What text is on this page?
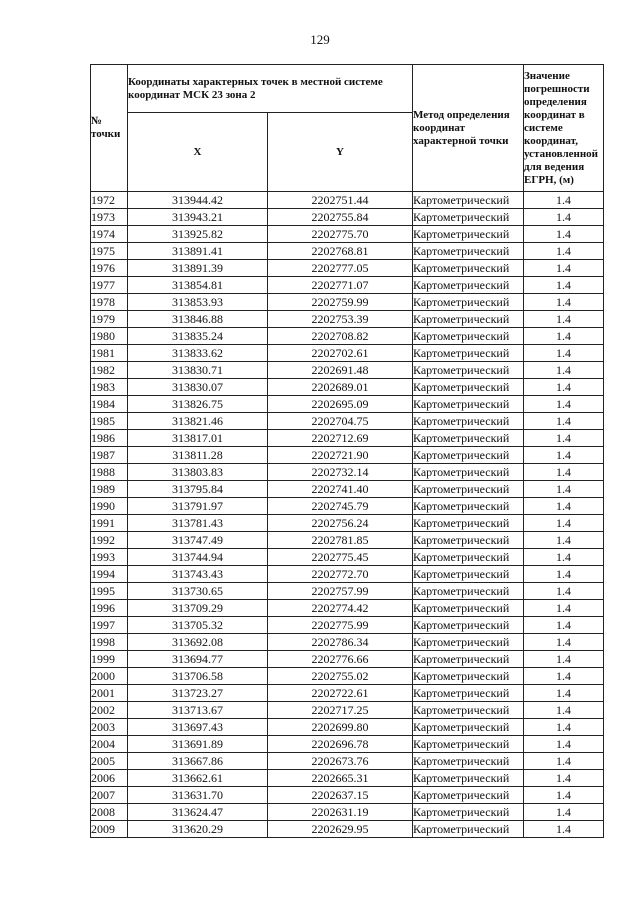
129
№ точки	Координаты характерных точек в местной системе координат МСК 23 зона 2		Метод определения координат характерной точки	Значение погрешности определения координат в системе координат, установленной для ведения ЕГРН, (м)
	X	Y		
1972	313944.42	2202751.44	Картометрический	1.4
1973	313943.21	2202755.84	Картометрический	1.4
1974	313925.82	2202775.70	Картометрический	1.4
1975	313891.41	2202768.81	Картометрический	1.4
1976	313891.39	2202777.05	Картометрический	1.4
1977	313854.81	2202771.07	Картометрический	1.4
1978	313853.93	2202759.99	Картометрический	1.4
1979	313846.88	2202753.39	Картометрический	1.4
1980	313835.24	2202708.82	Картометрический	1.4
1981	313833.62	2202702.61	Картометрический	1.4
1982	313830.71	2202691.48	Картометрический	1.4
1983	313830.07	2202689.01	Картометрический	1.4
1984	313826.75	2202695.09	Картометрический	1.4
1985	313821.46	2202704.75	Картометрический	1.4
1986	313817.01	2202712.69	Картометрический	1.4
1987	313811.28	2202721.90	Картометрический	1.4
1988	313803.83	2202732.14	Картометрический	1.4
1989	313795.84	2202741.40	Картометрический	1.4
1990	313791.97	2202745.79	Картометрический	1.4
1991	313781.43	2202756.24	Картометрический	1.4
1992	313747.49	2202781.85	Картометрический	1.4
1993	313744.94	2202775.45	Картометрический	1.4
1994	313743.43	2202772.70	Картометрический	1.4
1995	313730.65	2202757.99	Картометрический	1.4
1996	313709.29	2202774.42	Картометрический	1.4
1997	313705.32	2202775.99	Картометрический	1.4
1998	313692.08	2202786.34	Картометрический	1.4
1999	313694.77	2202776.66	Картометрический	1.4
2000	313706.58	2202755.02	Картометрический	1.4
2001	313723.27	2202722.61	Картометрический	1.4
2002	313713.67	2202717.25	Картометрический	1.4
2003	313697.43	2202699.80	Картометрический	1.4
2004	313691.89	2202696.78	Картометрический	1.4
2005	313667.86	2202673.76	Картометрический	1.4
2006	313662.61	2202665.31	Картометрический	1.4
2007	313631.70	2202637.15	Картометрический	1.4
2008	313624.47	2202631.19	Картометрический	1.4
2009	313620.29	2202629.95	Картометрический	1.4
